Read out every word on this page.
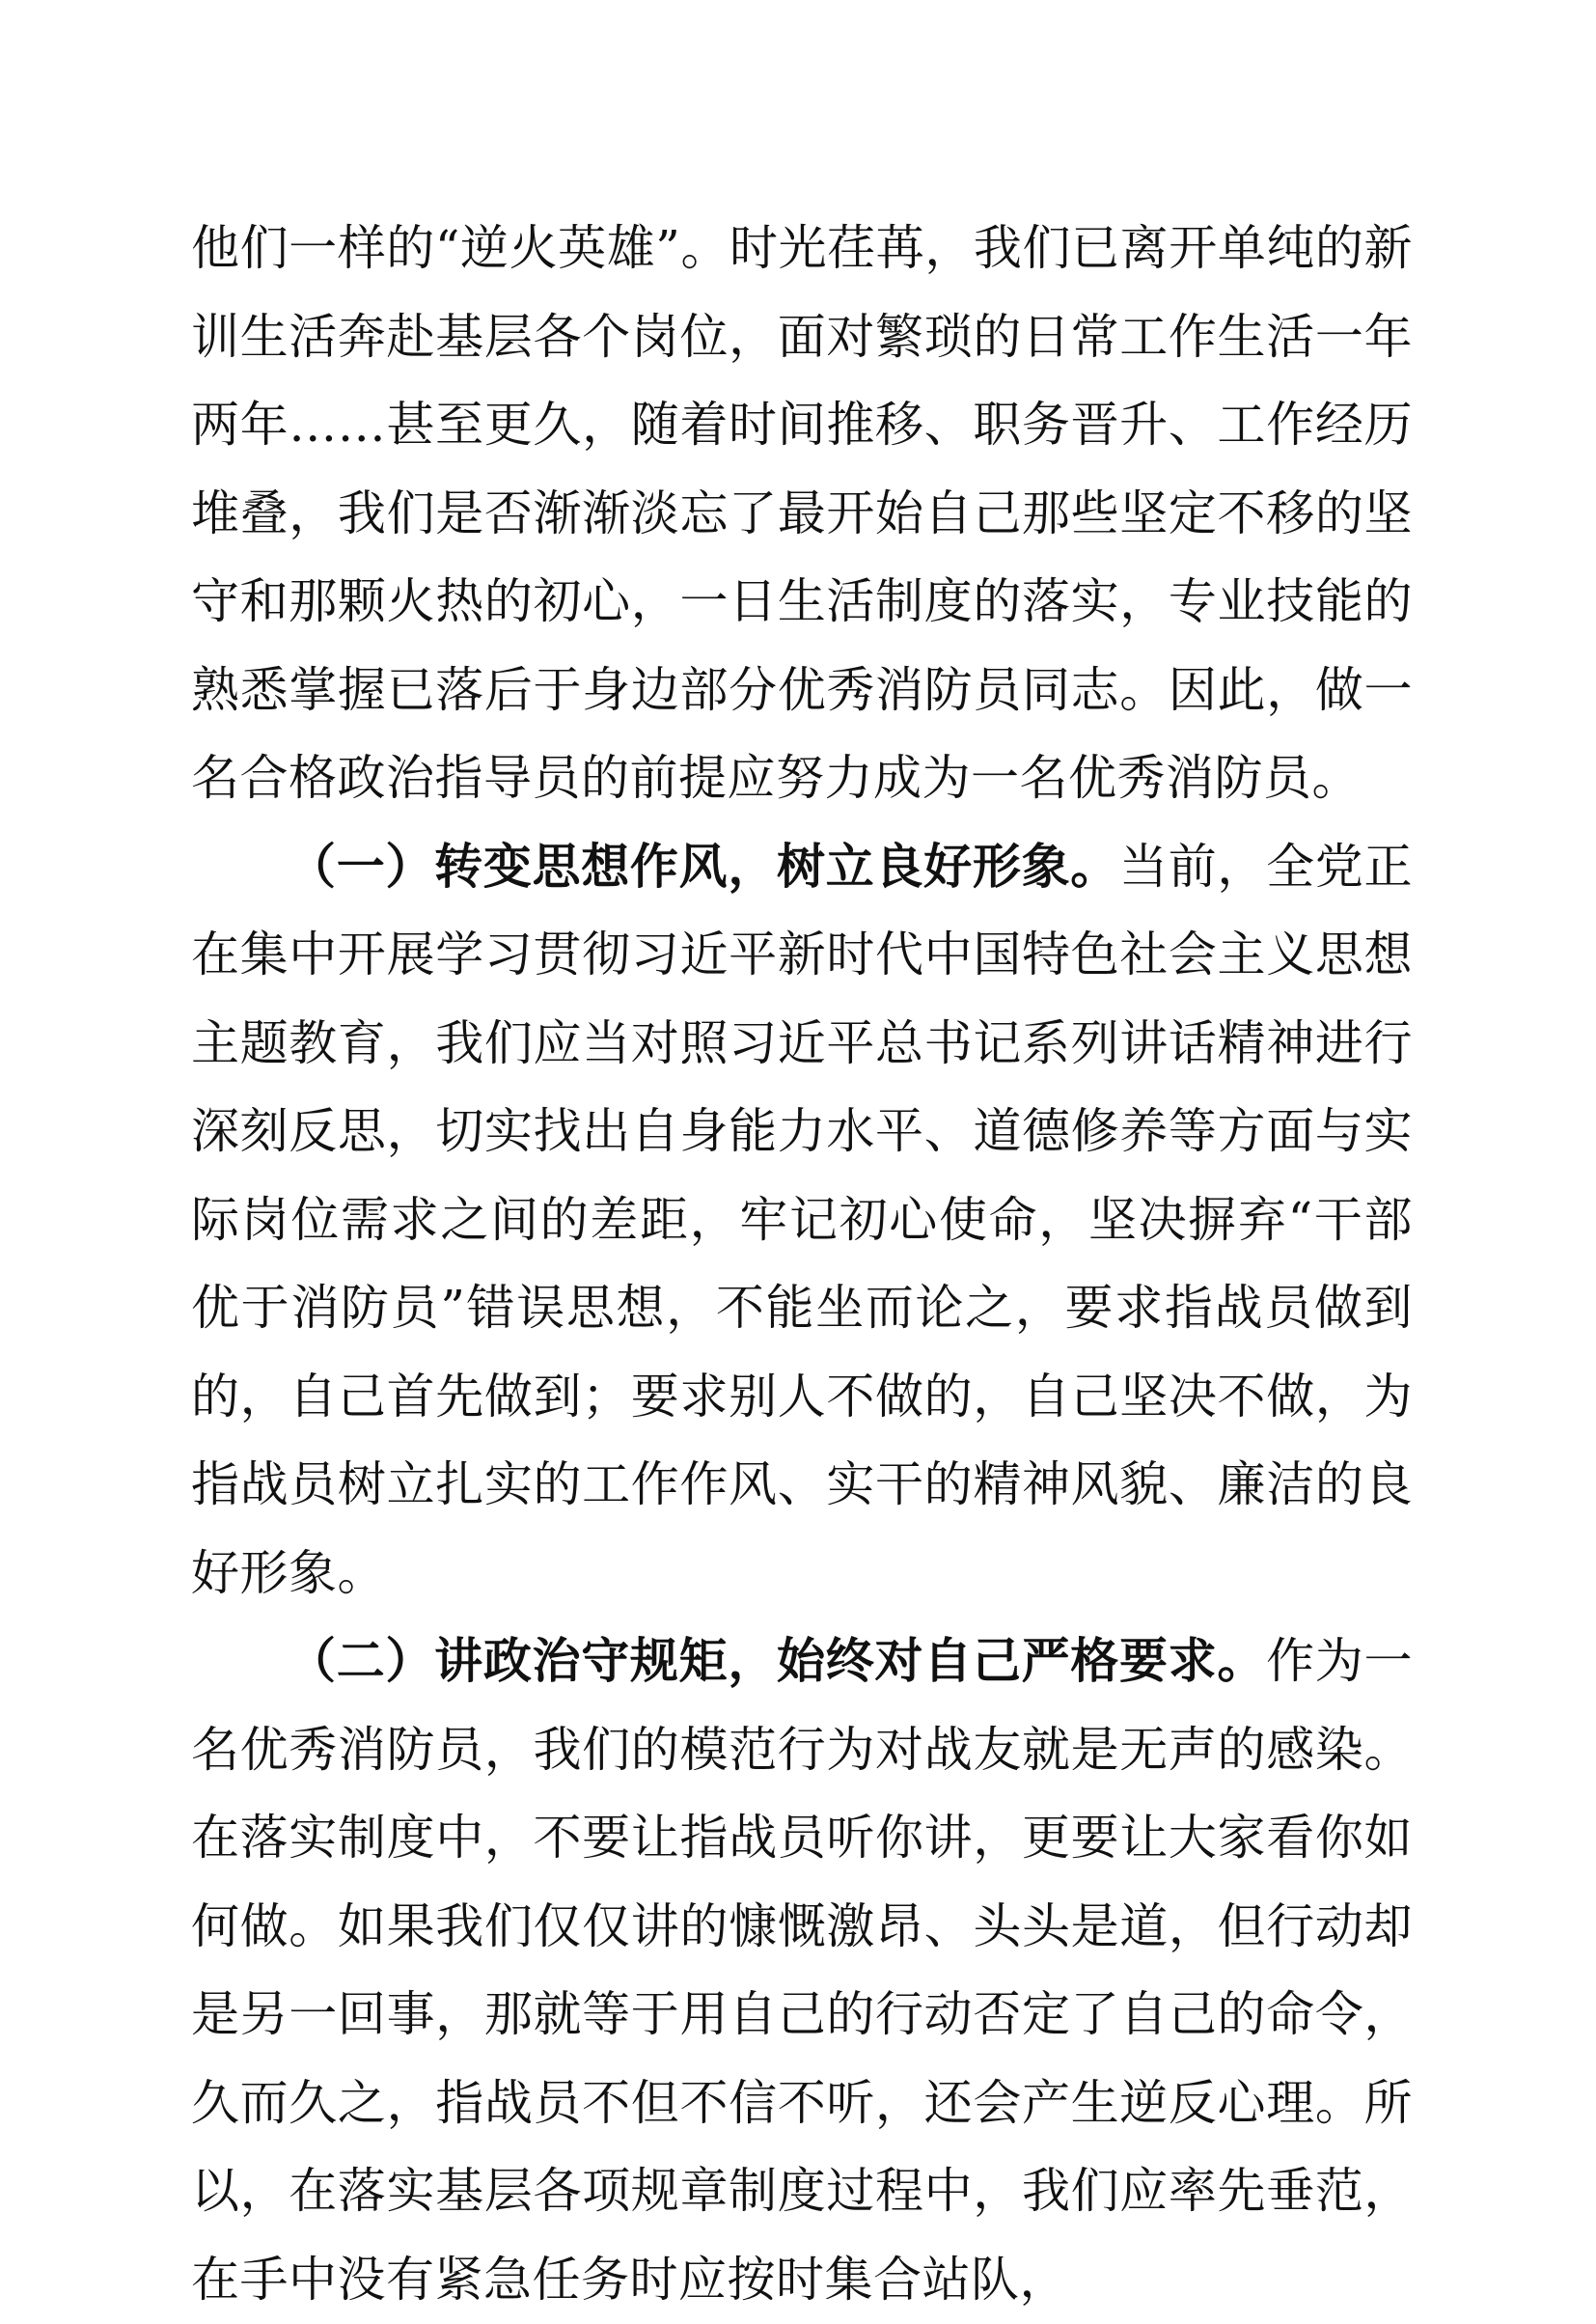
他们一样的“逆火英雄”。时光荏苒，我们已离开单纯的新训生活奔赴基层各个岗位，面对繁琐的日常工作生活一年两年……甚至更久，随着时间推移、职务晋升、工作经历堆叠，我们是否渐渐淡忘了最开始自己那些坚定不移的坚守和那颗火热的初心，一日生活制度的落实，专业技能的熟悉掌握已落后于身边部分优秀消防员同志。因此，做一名合格政治指导员的前提应努力成为一名优秀消防员。

（一）转变思想作风，树立良好形象。当前，全党正在集中开展学习贯彻习近平新时代中国特色社会主义思想主题教育，我们应当对照习近平总书记系列讲话精神进行深刻反思，切实找出自身能力水平、道德修养等方面与实际岗位需求之间的差距，牢记初心使命，坚决摒弃“干部优于消防员”错误思想，不能坐而论之，要求指战员做到的，自己首先做到；要求别人不做的，自己坚决不做，为指战员树立扎实的工作作风、实干的精神风貌、廉洁的良好形象。

（二）讲政治守规矩，始终对自己严格要求。作为一名优秀消防员，我们的模范行为对战友就是无声的感染。在落实制度中，不要让指战员听你讲，更要让大家看你如何做。如果我们仅仅讲的慷慨激昂、头头是道，但行动却是另一回事，那就等于用自己的行动否定了自己的命令，久而久之，指战员不但不信不听，还会产生逆反心理。所以，在落实基层各项规章制度过程中，我们应率先垂范，在手中没有紧急任务时应按时集合站队，
